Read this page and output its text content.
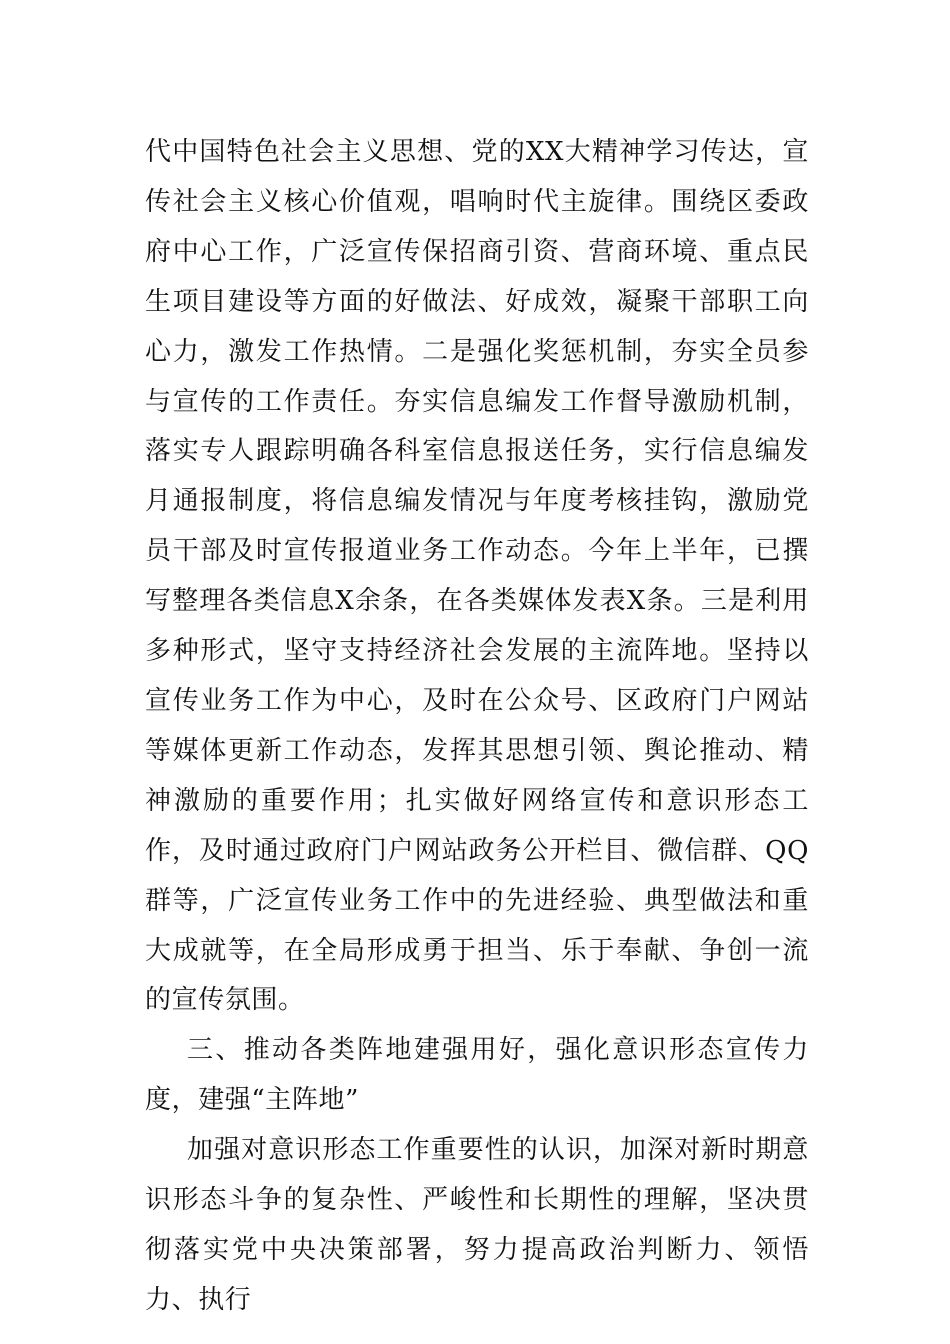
代中国特色社会主义思想、党的XX大精神学习传达，宣传社会主义核心价值观，唱响时代主旋律。围绕区委政府中心工作，广泛宣传保招商引资、营商环境、重点民生项目建设等方面的好做法、好成效，凝聚干部职工向心力，激发工作热情。二是强化奖惩机制，夯实全员参与宣传的工作责任。夯实信息编发工作督导激励机制，落实专人跟踪明确各科室信息报送任务，实行信息编发月通报制度，将信息编发情况与年度考核挂钩，激励党员干部及时宣传报道业务工作动态。今年上半年，已撰写整理各类信息X余条，在各类媒体发表X条。三是利用多种形式，坚守支持经济社会发展的主流阵地。坚持以宣传业务工作为中心，及时在公众号、区政府门户网站等媒体更新工作动态，发挥其思想引领、舆论推动、精神激励的重要作用；扎实做好网络宣传和意识形态工作，及时通过政府门户网站政务公开栏目、微信群、QQ群等，广泛宣传业务工作中的先进经验、典型做法和重大成就等，在全局形成勇于担当、乐于奉献、争创一流的宣传氛围。

三、推动各类阵地建强用好，强化意识形态宣传力度，建强“主阵地”

加强对意识形态工作重要性的认识，加深对新时期意识形态斗争的复杂性、严峻性和长期性的理解，坚决贯彻落实党中央决策部署，努力提高政治判断力、领悟力、执行
